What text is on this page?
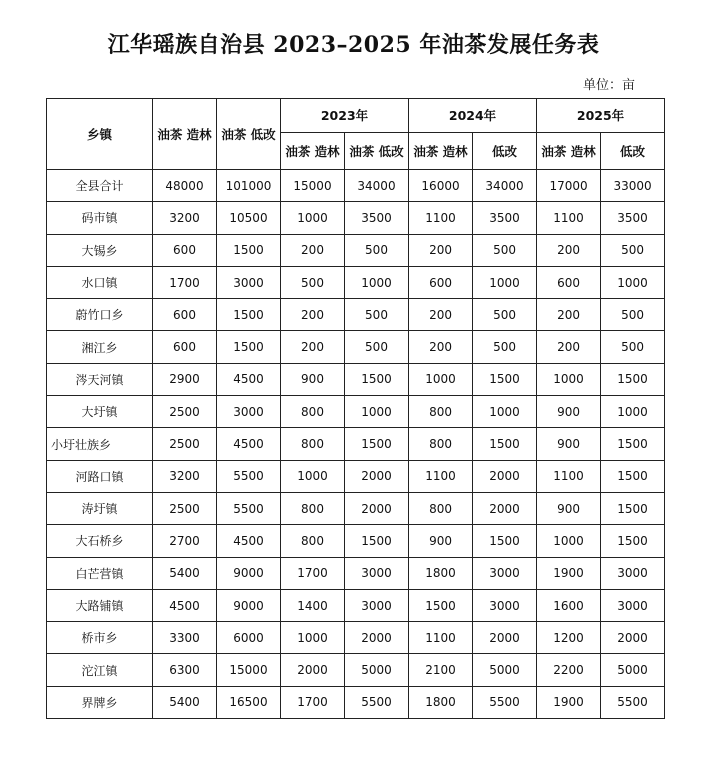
江华瑶族自治县 2023–2025 年油茶发展任务表
单位：亩
乡镇	油茶 造林	油茶 低改	2023年		2024年		2025年	
			油茶 造林	油茶 低改	油茶 造林	低改	油茶 造林	低改
全县合计	48000	101000	15000	34000	16000	34000	17000	33000
码市镇	3200	10500	1000	3500	1100	3500	1100	3500
大锡乡	600	1500	200	500	200	500	200	500
水口镇	1700	3000	500	1000	600	1000	600	1000
蔚竹口乡	600	1500	200	500	200	500	200	500
湘江乡	600	1500	200	500	200	500	200	500
涔天河镇	2900	4500	900	1500	1000	1500	1000	1500
大圩镇	2500	3000	800	1000	800	1000	900	1000
小圩壮族乡	2500	4500	800	1500	800	1500	900	1500
河路口镇	3200	5500	1000	2000	1100	2000	1100	1500
涛圩镇	2500	5500	800	2000	800	2000	900	1500
大石桥乡	2700	4500	800	1500	900	1500	1000	1500
白芒营镇	5400	9000	1700	3000	1800	3000	1900	3000
大路铺镇	4500	9000	1400	3000	1500	3000	1600	3000
桥市乡	3300	6000	1000	2000	1100	2000	1200	2000
沱江镇	6300	15000	2000	5000	2100	5000	2200	5000
界牌乡	5400	16500	1700	5500	1800	5500	1900	5500
